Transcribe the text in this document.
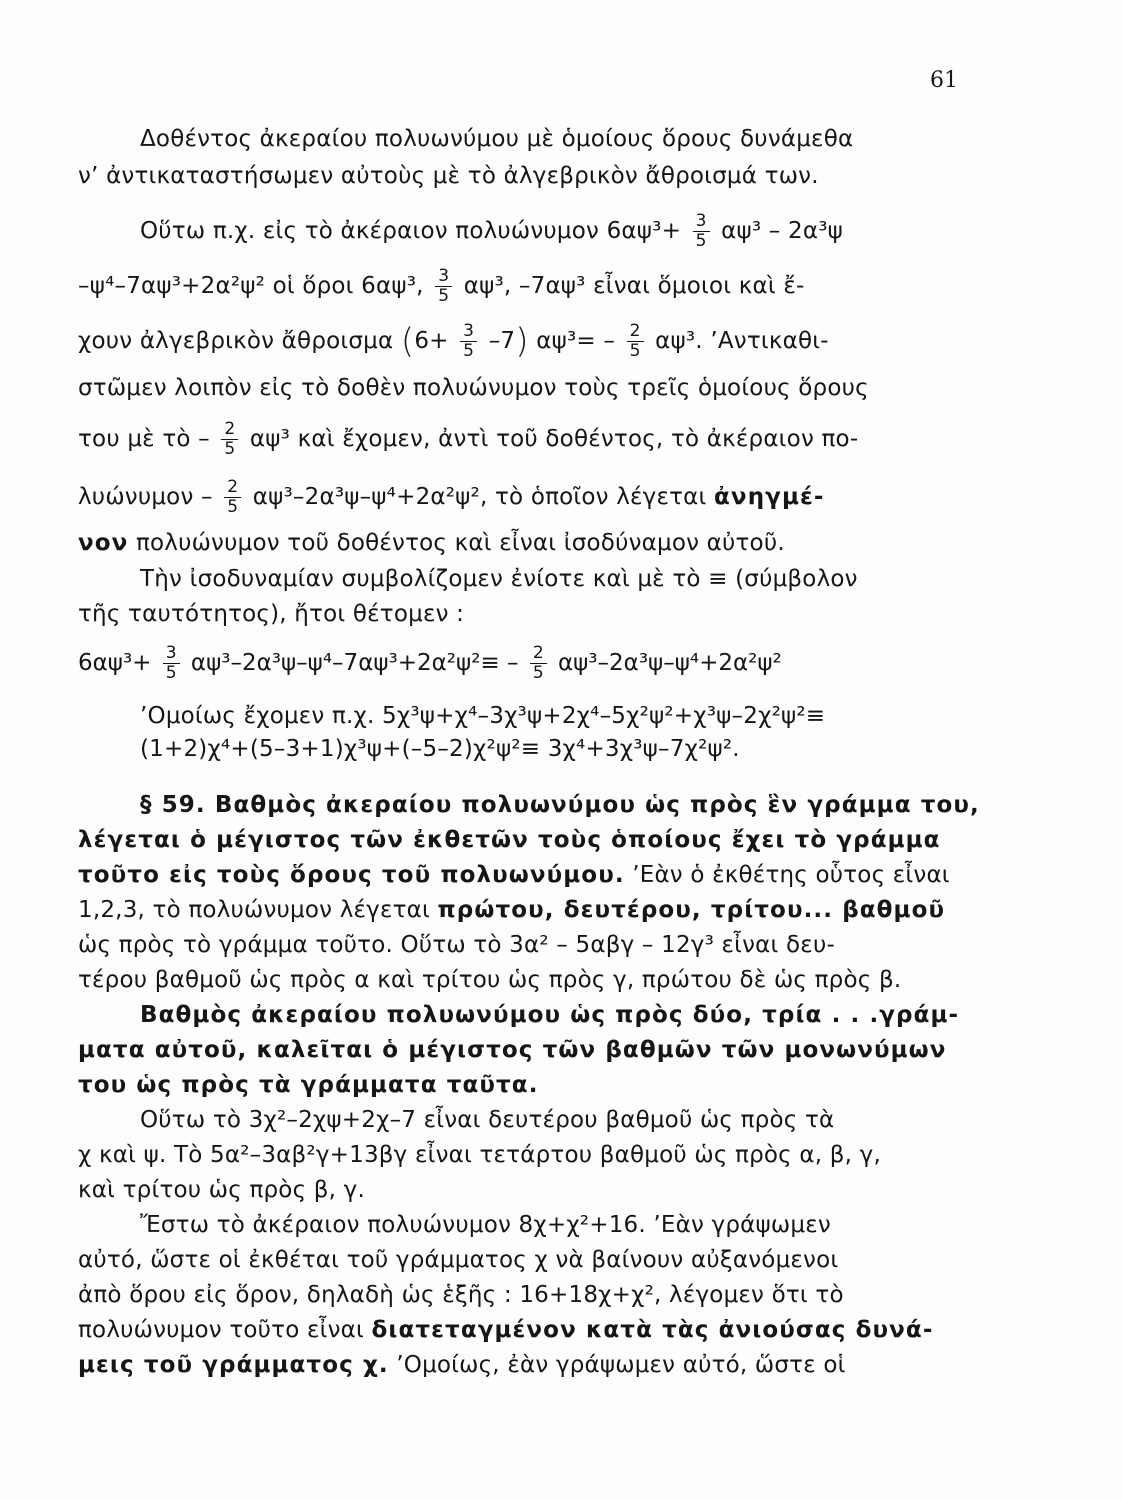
61
Δοθέντος ἀκεραίου πολυωνύμου μὲ ὁμοίους ὅρους δυνάμεθα
ν’ ἀντικαταστήσωμεν αὐτοὺς μὲ τὸ ἀλγεβρικὸν ἄθροισμά των.
Οὕτω π.χ. εἰς τὸ ἀκέραιον πολυώνυμον $6\alpha\psi^3+ \frac{3}{5} \alpha\psi^3 - 2\alpha^3\psi$
–ψ⁴–7αψ³+2α²ψ² οἱ ὅροι 6αψ³, $\frac{3}{5} \alpha\psi^3$, –7αψ³ εἶναι ὅμοιοι καὶ ἔ-
χουν ἀλγεβρικὸν ἄθροισμα $(6+ \frac{3}{5} -7)$ $\alpha\psi^3= - \frac{2}{5} \alpha\psi^3$. ’Αντικαθι-
στῶμεν λοιπὸν εἰς τὸ δοθὲν πολυώνυμον τοὺς τρεῖς ὁμοίους ὅρους
του μὲ τὸ – $\frac{2}{5} \alpha\psi^3$ καὶ ἔχομεν, ἀντὶ τοῦ δοθέντος, τὸ ἀκέραιον πο-
$\lambda\upsilon ώ\nu\upsilon\mu o\nu - \frac{2}{5} \alpha\psi^3-2\alpha^3\psi-\psi^4+2\alpha^2\psi^2$, τὸ ὁποῖον λέγεται ἀνηγμέ-
νον πολυώνυμον τοῦ δοθέντος καὶ εἶναι ἰσοδύναμον αὐτοῦ.
Τὴν ἰσοδυναμίαν συμβολίζομεν ἐνίοτε καὶ μὲ τὸ ≡ (σύμβολον
τῆς ταυτότητος), ἤτοι θέτομεν :
$6\alpha\psi^3+ \frac{3}{5} \alpha\psi^3-2\alpha^3\psi-\psi^4-7\alpha\psi^3+2\alpha^2\psi^2\equiv - \frac{2}{5} \alpha\psi^3-2\alpha^3\psi-\psi^4+2\alpha^2\psi^2$
’Ομοίως ἔχομεν π.χ. 5χ³ψ+χ⁴–3χ³ψ+2χ⁴–5χ²ψ²+χ³ψ–2χ²ψ²≡
(1+2)χ⁴+(5–3+1)χ³ψ+(–5–2)χ²ψ²≡ 3χ⁴+3χ³ψ–7χ²ψ².
§ 59. Βαθμὸς ἀκεραίου πολυωνύμου ὡς πρὸς ἓν γράμμα του,
λέγεται ὁ μέγιστος τῶν ἐκθετῶν τοὺς ὁποίους ἔχει τὸ γράμμα
τοῦτο εἰς τοὺς ὅρους τοῦ πολυωνύμου. ’Εὰν ὁ ἐκθέτης οὗτος εἶναι
1,2,3, τὸ πολυώνυμον λέγεται πρώτου, δευτέρου, τρίτου... βαθμοῦ
ὡς πρὸς τὸ γράμμα τοῦτο. Οὕτω τὸ 3α² – 5αβγ – 12γ³ εἶναι δευ-
τέρου βαθμοῦ ὡς πρὸς α καὶ τρίτου ὡς πρὸς γ, πρώτου δὲ ὡς πρὸς β.
Βαθμὸς ἀκεραίου πολυωνύμου ὡς πρὸς δύο, τρία . . .γράμ-
ματα αὐτοῦ, καλεῖται ὁ μέγιστος τῶν βαθμῶν τῶν μονωνύμων
του ὡς πρὸς τὰ γράμματα ταῦτα.
Οὕτω τὸ 3χ²–2χψ+2χ–7 εἶναι δευτέρου βαθμοῦ ὡς πρὸς τὰ
χ καὶ ψ. Τὸ 5α²–3αβ²γ+13βγ εἶναι τετάρτου βαθμοῦ ὡς πρὸς α, β, γ,
καὶ τρίτου ὡς πρὸς β, γ.
Ἔστω τὸ ἀκέραιον πολυώνυμον 8χ+χ²+16. ’Εὰν γράψωμεν
αὐτό, ὥστε οἱ ἐκθέται τοῦ γράμματος χ νὰ βαίνουν αὐξανόμενοι
ἀπὸ ὅρου εἰς ὅρον, δηλαδὴ ὡς ἑξῆς : 16+18χ+χ², λέγομεν ὅτι τὸ
πολυώνυμον τοῦτο εἶναι διατεταγμένον κατὰ τὰς ἀνιούσας δυνά-
μεις τοῦ γράμματος χ. ’Ομοίως, ἐὰν γράψωμεν αὐτό, ὥστε οἱ
